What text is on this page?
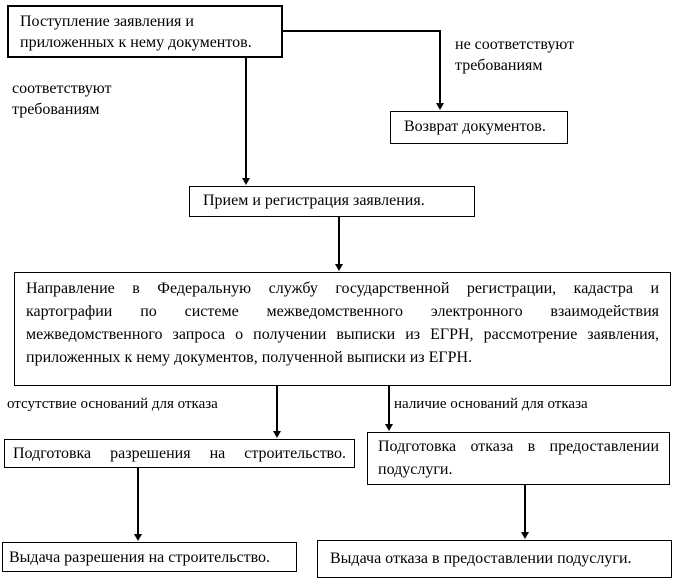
Поступление заявления и приложенных к нему документов.	не соответствуют требованиям
соответствуют требованиям
Возврат документов.
Прием и регистрация заявления.
Направление в Федеральную службу государственной регистрации, кадастра и
картографии по системе межведомственного электронного взаимодействия
межведомственного запроса о получении выписки из ЕГРН, рассмотрение заявления,
приложенных к нему документов, полученной выписки из ЕГРН.
отсутствие оснований для отказа	наличие оснований для отказа
Подготовка разрешения на строительство.	Подготовка отказа в предоставлении
подуслуги.
Выдача разрешения на строительство.	Выдача отказа в предоставлении подуслуги.
